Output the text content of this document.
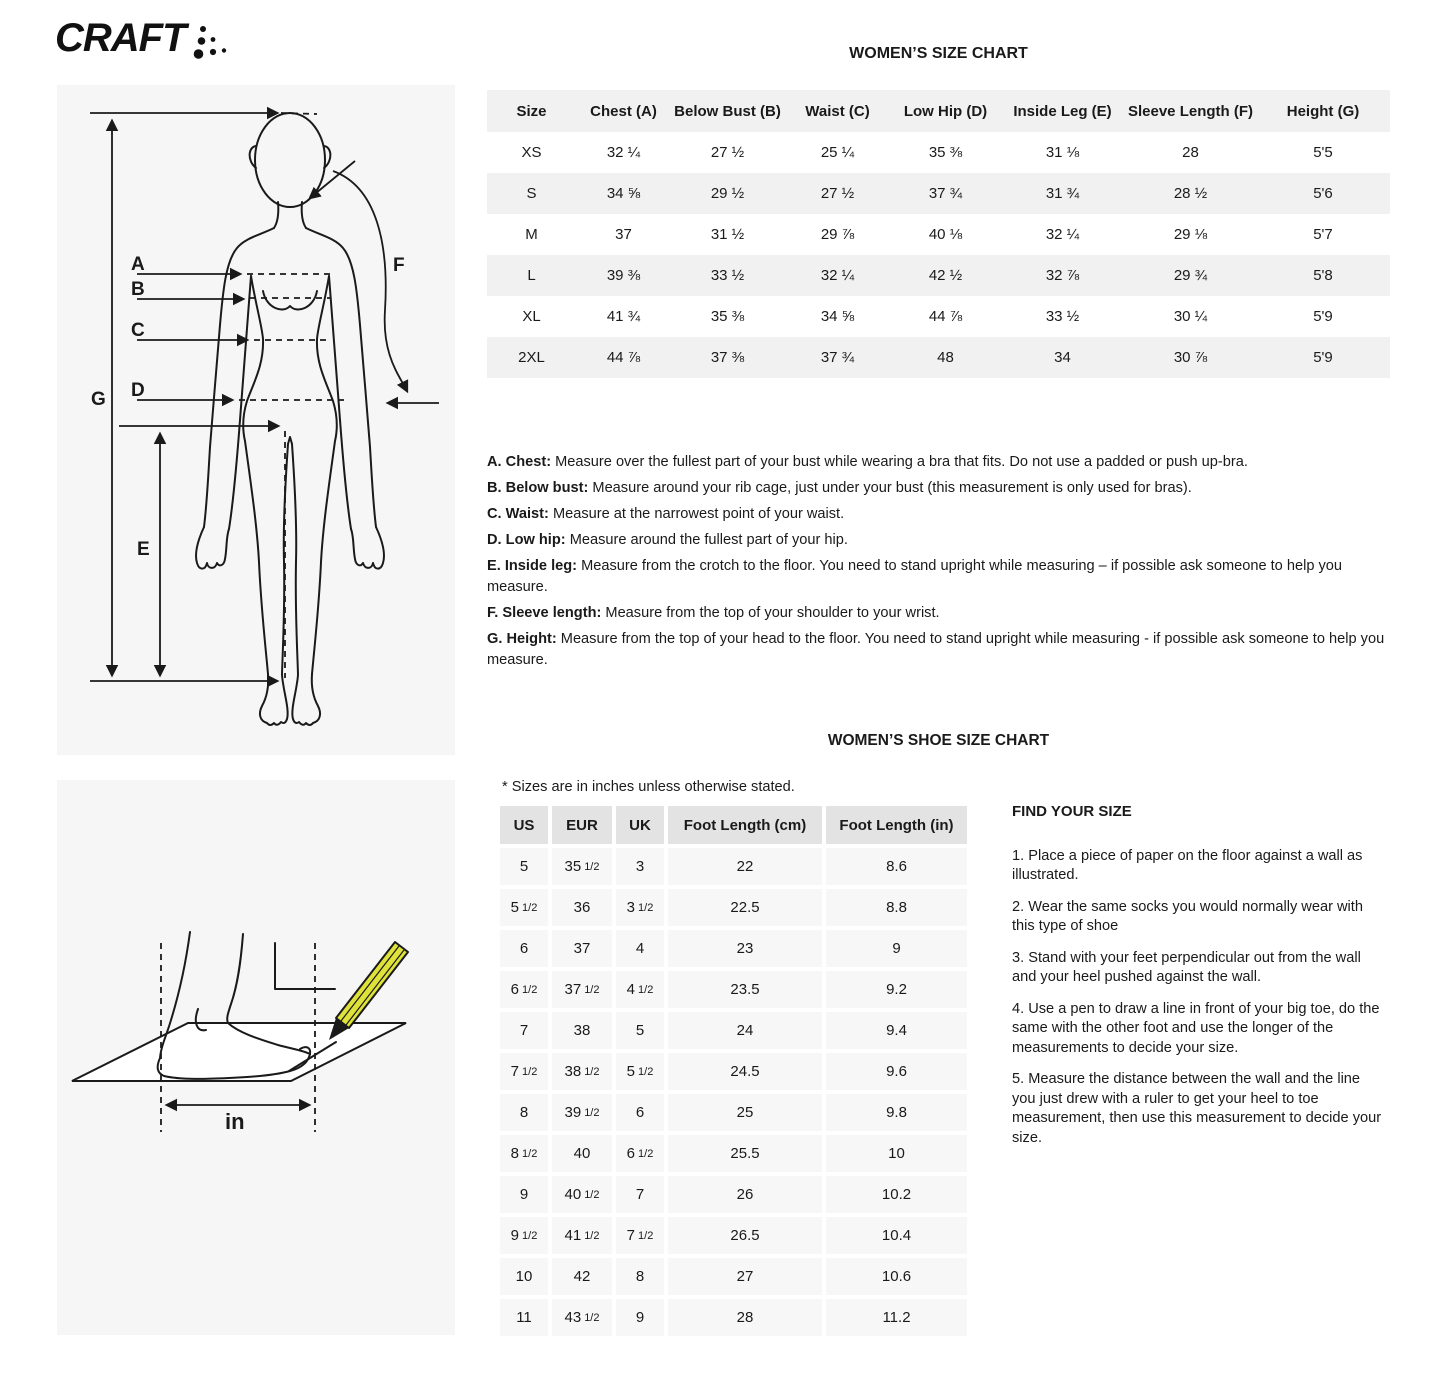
CRAFT	WOMEN’S SIZE CHART
A
B
C
D
E
F
G
Size	Chest (A)	Below Bust (B)	Waist (C)	Low Hip (D)	Inside Leg (E)	Sleeve Length (F)	Height (G)
XS	32 ¼	27 ½	25 ¼	35 ⅜	31 ⅛	28	5'5
S	34 ⅝	29 ½	27 ½	37 ¾	31 ¾	28 ½	5'6
M	37	31 ½	29 ⅞	40 ⅛	32 ¼	29 ⅛	5'7
L	39 ⅜	33 ½	32 ¼	42 ½	32 ⅞	29 ¾	5'8
XL	41 ¾	35 ⅜	34 ⅝	44 ⅞	33 ½	30 ¼	5'9
2XL	44 ⅞	37 ⅜	37 ¾	48	34	30 ⅞	5'9

A. Chest: Measure over the fullest part of your bust while wearing a bra that fits. Do not use a padded or push up-bra.

B. Below bust: Measure around your rib cage, just under your bust (this measurement is only used for bras).

C. Waist: Measure at the narrowest point of your waist.

D. Low hip: Measure around the fullest part of your hip.

E. Inside leg: Measure from the crotch to the floor. You need to stand upright while measuring – if possible ask someone to help you measure.

F. Sleeve length: Measure from the top of your shoulder to your wrist.

G. Height: Measure from the top of your head to the floor. You need to stand upright while measuring - if possible ask someone to help you measure.

WOMEN’S SHOE SIZE CHART
in
* Sizes are in inches unless otherwise stated.
US	EUR	UK	Foot Length (cm)	Foot Length (in)
5	35 1/2	3	22	8.6
5 1/2	36	3 1/2	22.5	8.8
6	37	4	23	9
6 1/2	37 1/2	4 1/2	23.5	9.2
7	38	5	24	9.4
7 1/2	38 1/2	5 1/2	24.5	9.6
8	39 1/2	6	25	9.8
8 1/2	40	6 1/2	25.5	10
9	40 1/2	7	26	10.2
9 1/2	41 1/2	7 1/2	26.5	10.4
10	42	8	27	10.6
11	43 1/2	9	28	11.2
FIND YOUR SIZE

1. Place a piece of paper on the floor against a wall as illustrated.

2. Wear the same socks you would normally wear with this type of shoe

3. Stand with your feet perpendicular out from the wall and your heel pushed against the wall.

4. Use a pen to draw a line in front of your big toe, do the same with the other foot and use the longer of the measurements to decide your size.

5. Measure the distance between the wall and the line you just drew with a ruler to get your heel to toe measurement, then use this measurement to decide your size.
